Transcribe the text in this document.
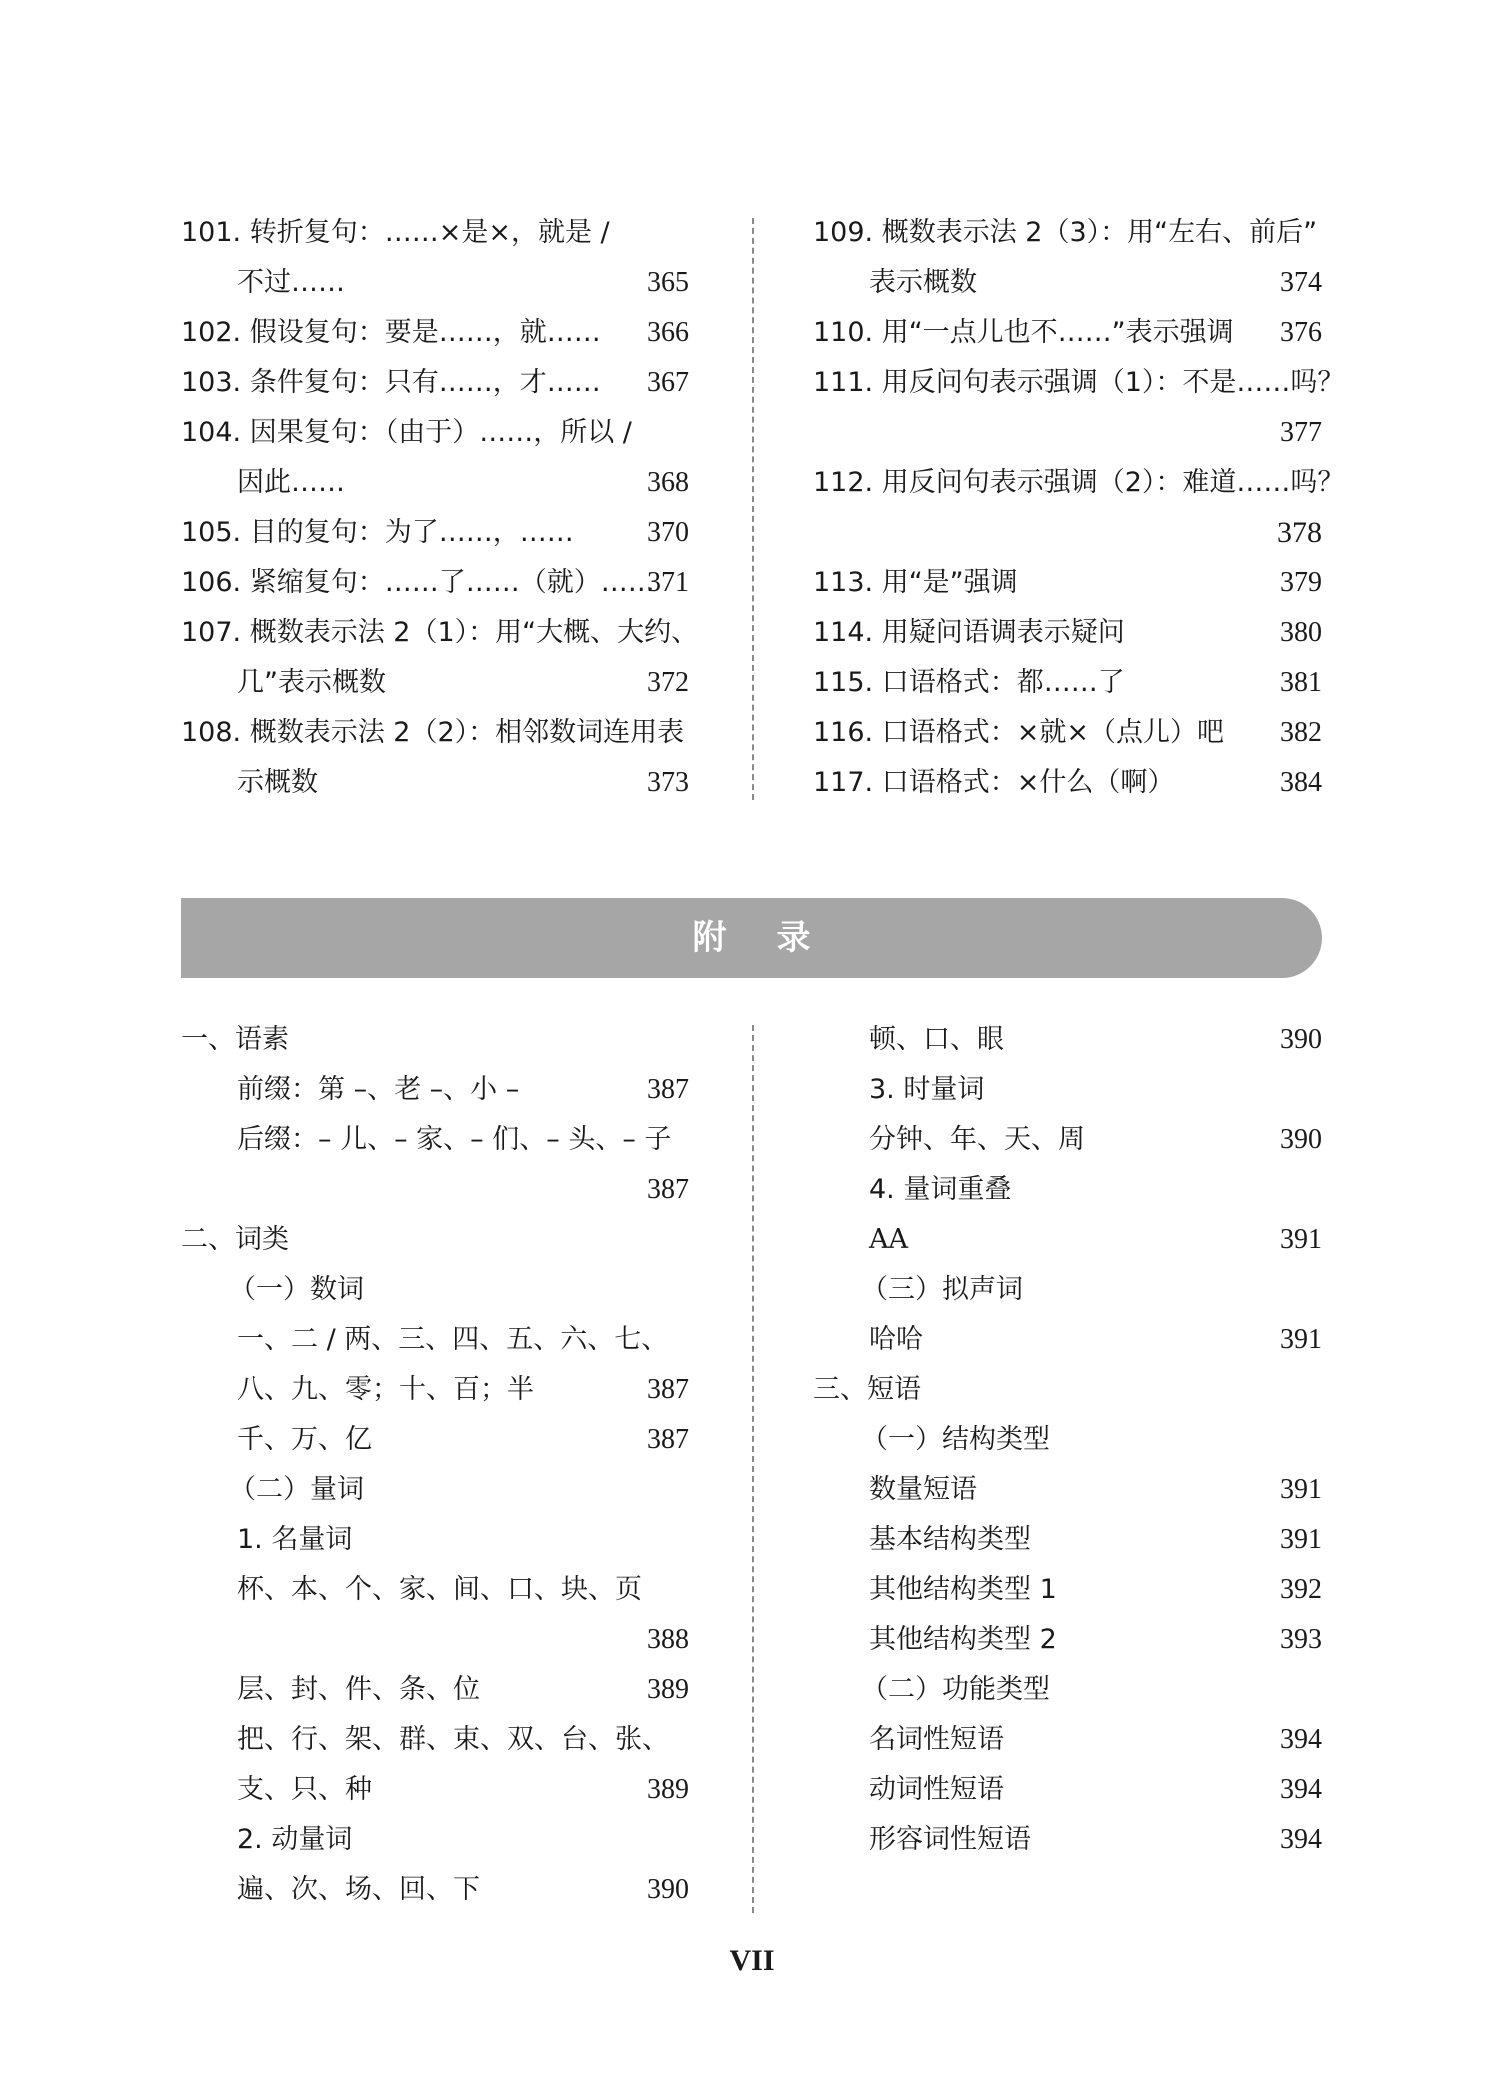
101. 转折复句：……×是×，就是 /
不过……	365
102. 假设复句：要是……，就…… 366
103. 条件复句：只有……，才…… 367
104. 因果复句：（由于）……，所以 /
因此……	368
105. 目的复句：为了……，……	370
106. 紧缩复句：……了……（就）……
371
107. 概数表示法 2（1）：用“大概、大约、
几”表示概数	372
108. 概数表示法 2（2）：相邻数词连用表
示概数	373
109. 概数表示法 2（3）：用“左右、前后”
表示概数	374
110. 用“一点儿也不……”表示强调 376
111. 用反问句表示强调（1）：不是……吗？
377
112. 用反问句表示强调（2）：难道……吗？
378
113. 用“是”强调	379
114. 用疑问语调表示疑问	380
115. 口语格式：都……了	381
116. 口语格式：×就×（点儿）吧 382
117. 口语格式：×什么（啊）	384
附录
一、语素
前缀：第 –、老 –、小 –	387
后缀：– 儿、– 家、– 们、– 头、– 子
387
二、词类
（一）数词
一、二 / 两、三、四、五、六、七、
八、九、零；十、百；半	387
千、万、亿	387
（二）量词
1. 名量词
杯、本、个、家、间、口、块、页
388
层、封、件、条、位	389
把、行、架、群、束、双、台、张、
支、只、种	389
2. 动量词
遍、次、场、回、下	390
顿、口、眼	390
3. 时量词
分钟、年、天、周	390
4. 量词重叠
AA	391
（三）拟声词
哈哈	391
三、短语
（一）结构类型
数量短语	391
基本结构类型	391
其他结构类型 1	392
其他结构类型 2	393
（二）功能类型
名词性短语	394
动词性短语	394
形容词性短语	394
VII
